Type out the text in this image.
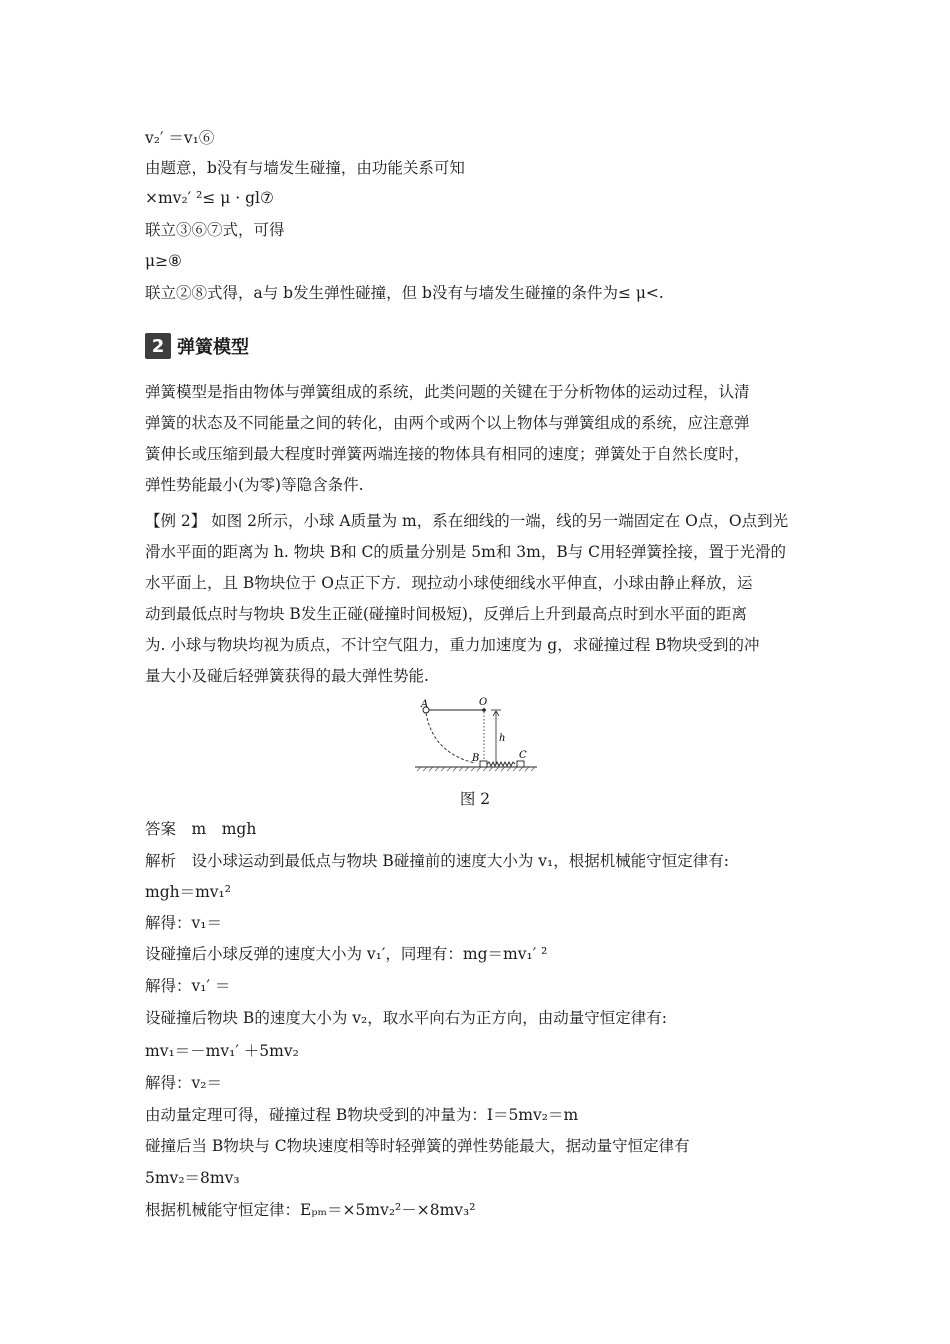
v₂′ ＝v₁⑥
由题意，b没有与墙发生碰撞，由功能关系可知
×mv₂′ ²≤ μ · gl⑦
联立③⑥⑦式，可得
μ≥⑧
联立②⑧式得，a与 b发生弹性碰撞，但 b没有与墙发生碰撞的条件为≤ μ<.
2 弹簧模型
弹簧模型是指由物体与弹簧组成的系统，此类问题的关键在于分析物体的运动过程，认清
弹簧的状态及不同能量之间的转化，由两个或两个以上物体与弹簧组成的系统，应注意弹
簧伸长或压缩到最大程度时弹簧两端连接的物体具有相同的速度；弹簧处于自然长度时，
弹性势能最小(为零)等隐含条件.
【例 2】 如图 2所示，小球 A质量为 m，系在细线的一端，线的另一端固定在 O点，O点到光
滑水平面的距离为 h. 物块 B和 C的质量分别是 5m和 3m，B与 C用轻弹簧拴接，置于光滑的
水平面上，且 B物块位于 O点正下方．现拉动小球使细线水平伸直，小球由静止释放，运
动到最低点时与物块 B发生正碰(碰撞时间极短)，反弹后上升到最高点时到水平面的距离
为. 小球与物块均视为质点，不计空气阻力，重力加速度为 g，求碰撞过程 B物块受到的冲
量大小及碰后轻弹簧获得的最大弹性势能.
A	O
h
B	C
图 2
答案　m　mgh
解析　设小球运动到最低点与物块 B碰撞前的速度大小为 v₁，根据机械能守恒定律有:
mgh＝mv₁²
解得：v₁＝
设碰撞后小球反弹的速度大小为 v₁′，同理有：mg＝mv₁′ ²
解得：v₁′ ＝
设碰撞后物块 B的速度大小为 v₂，取水平向右为正方向，由动量守恒定律有:
mv₁＝－mv₁′ ＋5mv₂
解得：v₂＝
由动量定理可得，碰撞过程 B物块受到的冲量为：I＝5mv₂＝m
碰撞后当 B物块与 C物块速度相等时轻弹簧的弹性势能最大，据动量守恒定律有
5mv₂＝8mv₃
根据机械能守恒定律：Eₚₘ＝×5mv₂²－×8mv₃²
